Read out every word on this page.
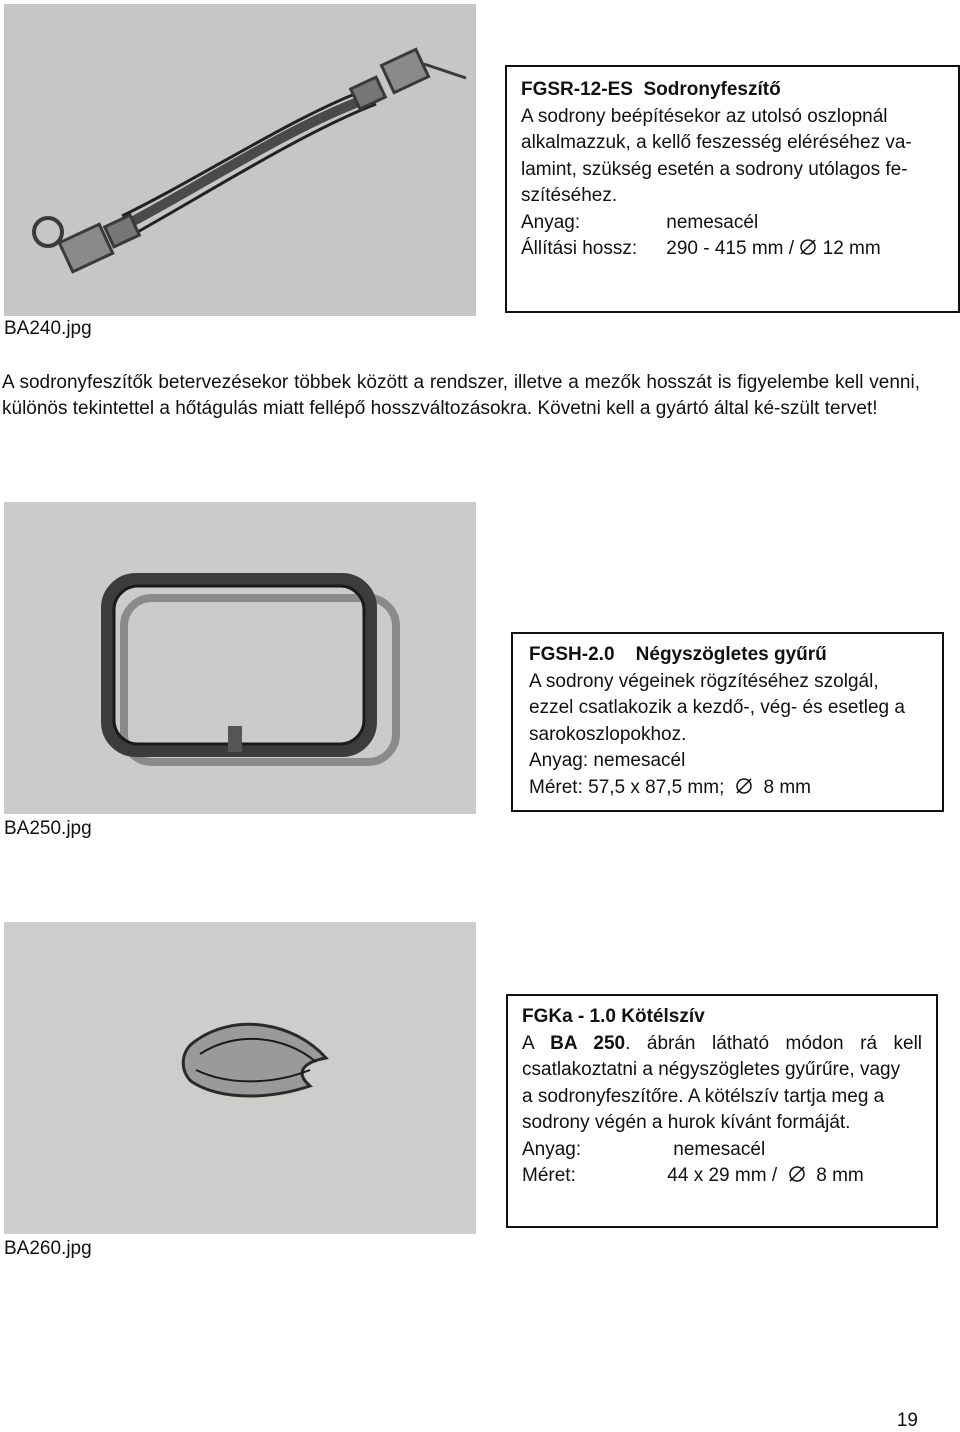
BA240.jpg
FGSR-12-ES Sodronyfeszítő
A sodrony beépítésekor az utolsó oszlopnál
alkalmazzuk, a kellő feszesség eléréséhez va-
lamint, szükség esetén a sodrony utólagos fe-
szítéséhez.
Anyag:	nemesacél
Állítási hossz: 290 - 415 mm / 12 mm
A sodronyfeszítők betervezésekor többek között a rendszer, illetve a mezők hosszát is figyelembe kell venni, különös tekintettel a hőtágulás miatt fellépő hosszváltozásokra. Követni kell a gyártó által ké-szült tervet!
BA250.jpg
FGSH-2.0 Négyszögletes gyűrű
A sodrony végeinek rögzítéséhez szolgál,
ezzel csatlakozik a kezdő-, vég- és esetleg a
sarokoszlopokhoz.
Anyag: nemesacél
Méret: 57,5 x 87,5 mm; 8 mm
BA260.jpg
FGKa - 1.0 Kötélszív
A BA 250. ábrán látható módon rá kell
csatlakoztatni a négyszögletes gyűrűre, vagy
a sodronyfeszítőre. A kötélszív tartja meg a
sodrony végén a hurok kívánt formáját.
Anyag:	nemesacél
Méret:	44 x 29 mm / 8 mm
19
